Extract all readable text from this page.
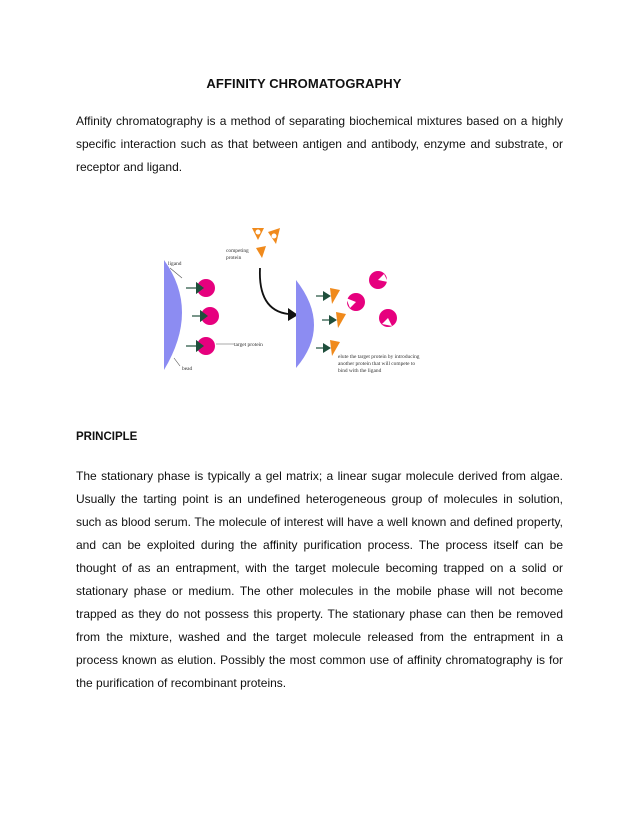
AFFINITY CHROMATOGRAPHY

Affinity chromatography is a method of separating biochemical mixtures based on a highly specific interaction such as that between antigen and antibody, enzyme and substrate, or receptor and ligand.

ligand
competing
protein
target protein
bead
elute the target protein by introducing
another protein that will compete to
bind with the ligand
PRINCIPLE

The stationary phase is typically a gel matrix; a linear sugar molecule derived from algae. Usually the tarting point is an undefined heterogeneous group of molecules in solution, such as blood serum. The molecule of interest will have a well known and defined property, and can be exploited during the affinity purification process. The process itself can be thought of as an entrapment, with the target molecule becoming trapped on a solid or stationary phase or medium. The other molecules in the mobile phase will not become trapped as they do not possess this property. The stationary phase can then be removed from the mixture, washed and the target molecule released from the entrapment in a process known as elution. Possibly the most common use of affinity chromatography is for the purification of recombinant proteins.
